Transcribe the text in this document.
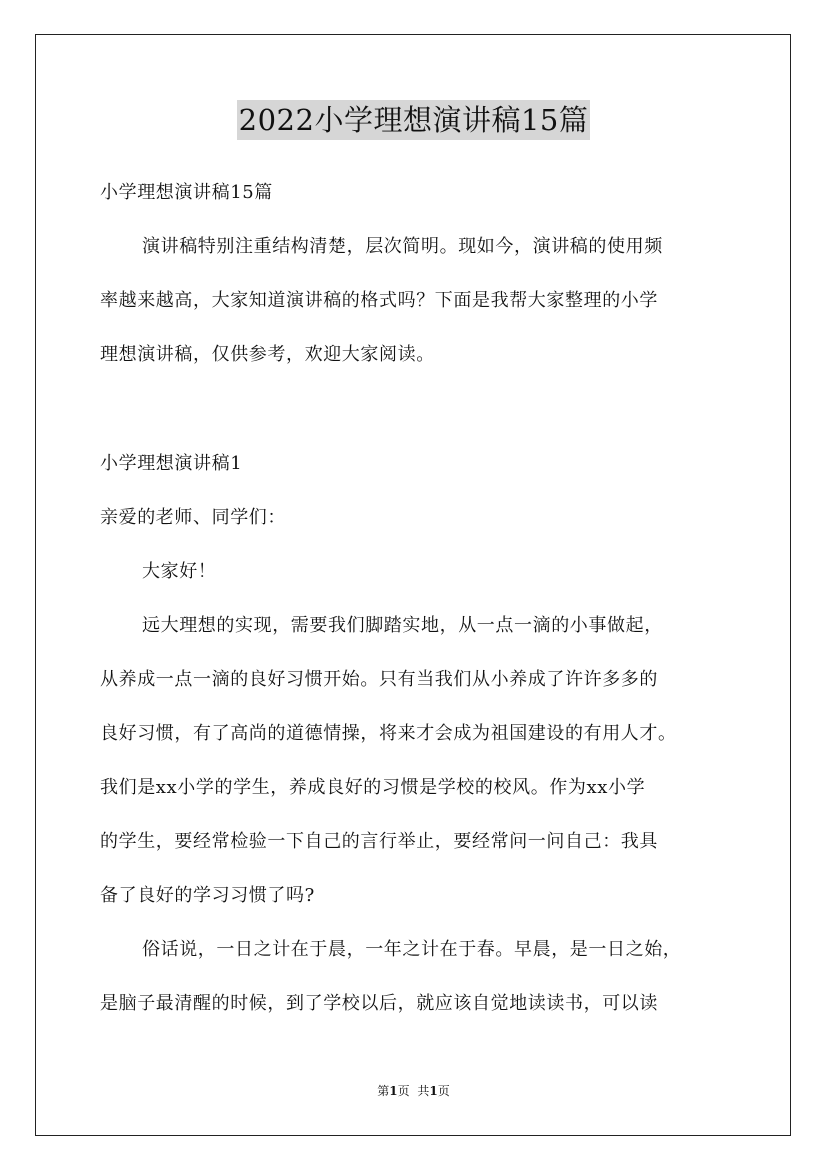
2022小学理想演讲稿15篇
小学理想演讲稿15篇
演讲稿特别注重结构清楚，层次简明。现如今，演讲稿的使用频
率越来越高，大家知道演讲稿的格式吗？下面是我帮大家整理的小学
理想演讲稿，仅供参考，欢迎大家阅读。
小学理想演讲稿1
亲爱的老师、同学们：
大家好！
远大理想的实现，需要我们脚踏实地，从一点一滴的小事做起，
从养成一点一滴的良好习惯开始。只有当我们从小养成了许许多多的
良好习惯，有了高尚的道德情操，将来才会成为祖国建设的有用人才。
我们是xx小学的学生，养成良好的习惯是学校的校风。作为xx小学
的学生，要经常检验一下自己的言行举止，要经常问一问自己：我具
备了良好的学习习惯了吗?
俗话说，一日之计在于晨，一年之计在于春。早晨，是一日之始，
是脑子最清醒的时候，到了学校以后，就应该自觉地读读书，可以读
第1页 共1页
